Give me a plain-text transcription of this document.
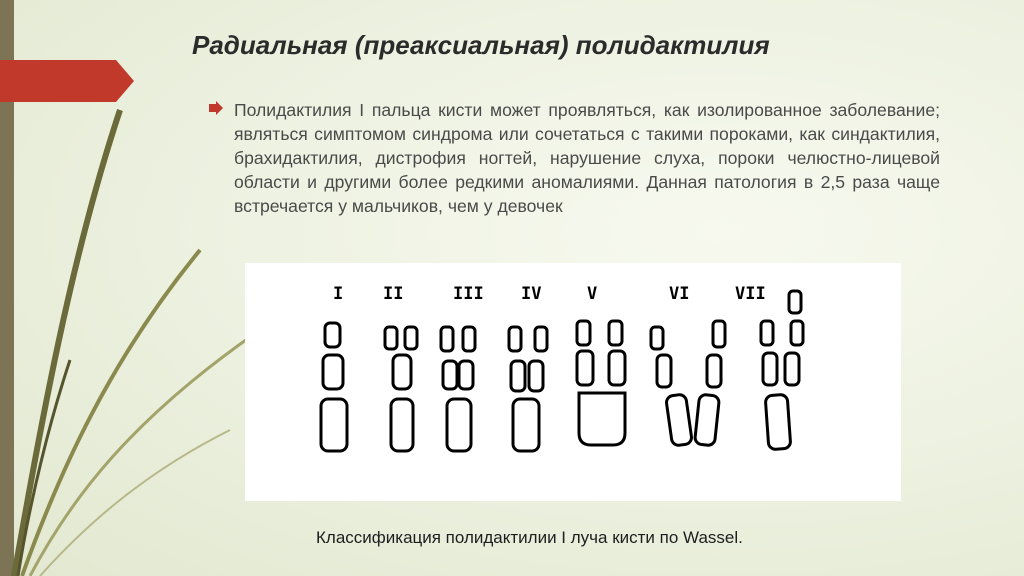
Радиальная (преаксиальная) полидактилия

Полидактилия I пальца кисти может проявляться, как изолированное заболевание; являться симптомом синдрома или сочетаться с такими пороками, как синдактилия, брахидактилия, дистрофия ногтей, нарушение слуха, пороки челюстно-лицевой области и другими более редкими аномалиями. Данная патология в 2,5 раза чаще встречается у мальчиков, чем у девочек

I II	III IV	V	VI	VII

Классификация полидактилии I луча кисти по Wassel.
